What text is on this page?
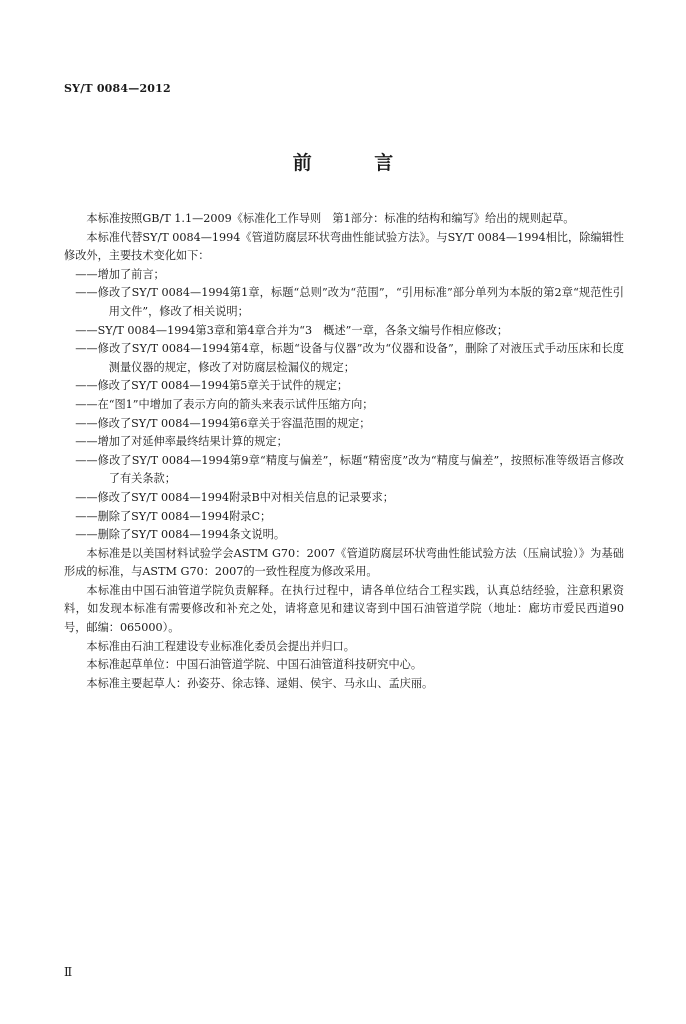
SY/T 0084—2012
前 言

本标准按照GB/T 1.1—2009《标准化工作导则　第1部分：标准的结构和编写》给出的规则起草。

本标准代替SY/T 0084—1994《管道防腐层环状弯曲性能试验方法》。与SY/T 0084—1994相比，除编辑性修改外，主要技术变化如下：

——增加了前言；

——修改了SY/T 0084—1994第1章，标题“总则”改为“范围”，“引用标准”部分单列为本版的第2章“规范性引用文件”，修改了相关说明；

——SY/T 0084—1994第3章和第4章合并为“3　概述”一章，各条文编号作相应修改；

——修改了SY/T 0084—1994第4章，标题“设备与仪器”改为“仪器和设备”，删除了对液压式手动压床和长度测量仪器的规定，修改了对防腐层检漏仪的规定；

——修改了SY/T 0084—1994第5章关于试件的规定；

——在“图1”中增加了表示方向的箭头来表示试件压缩方向；

——修改了SY/T 0084—1994第6章关于容温范围的规定；

——增加了对延伸率最终结果计算的规定；

——修改了SY/T 0084—1994第9章“精度与偏差”，标题“精密度”改为“精度与偏差”，按照标准等级语言修改了有关条款；

——修改了SY/T 0084—1994附录B中对相关信息的记录要求；

——删除了SY/T 0084—1994附录C；

——删除了SY/T 0084—1994条文说明。

本标准是以美国材料试验学会ASTM G70：2007《管道防腐层环状弯曲性能试验方法（压扁试验）》为基础形成的标准，与ASTM G70：2007的一致性程度为修改采用。

本标准由中国石油管道学院负责解释。在执行过程中，请各单位结合工程实践，认真总结经验，注意积累资料，如发现本标准有需要修改和补充之处，请将意见和建议寄到中国石油管道学院（地址：廊坊市爱民西道90号，邮编：065000）。

本标准由石油工程建设专业标准化委员会提出并归口。

本标准起草单位：中国石油管道学院、中国石油管道科技研究中心。

本标准主要起草人：孙姿芬、徐志锋、逯娟、侯宇、马永山、孟庆丽。

Ⅱ
